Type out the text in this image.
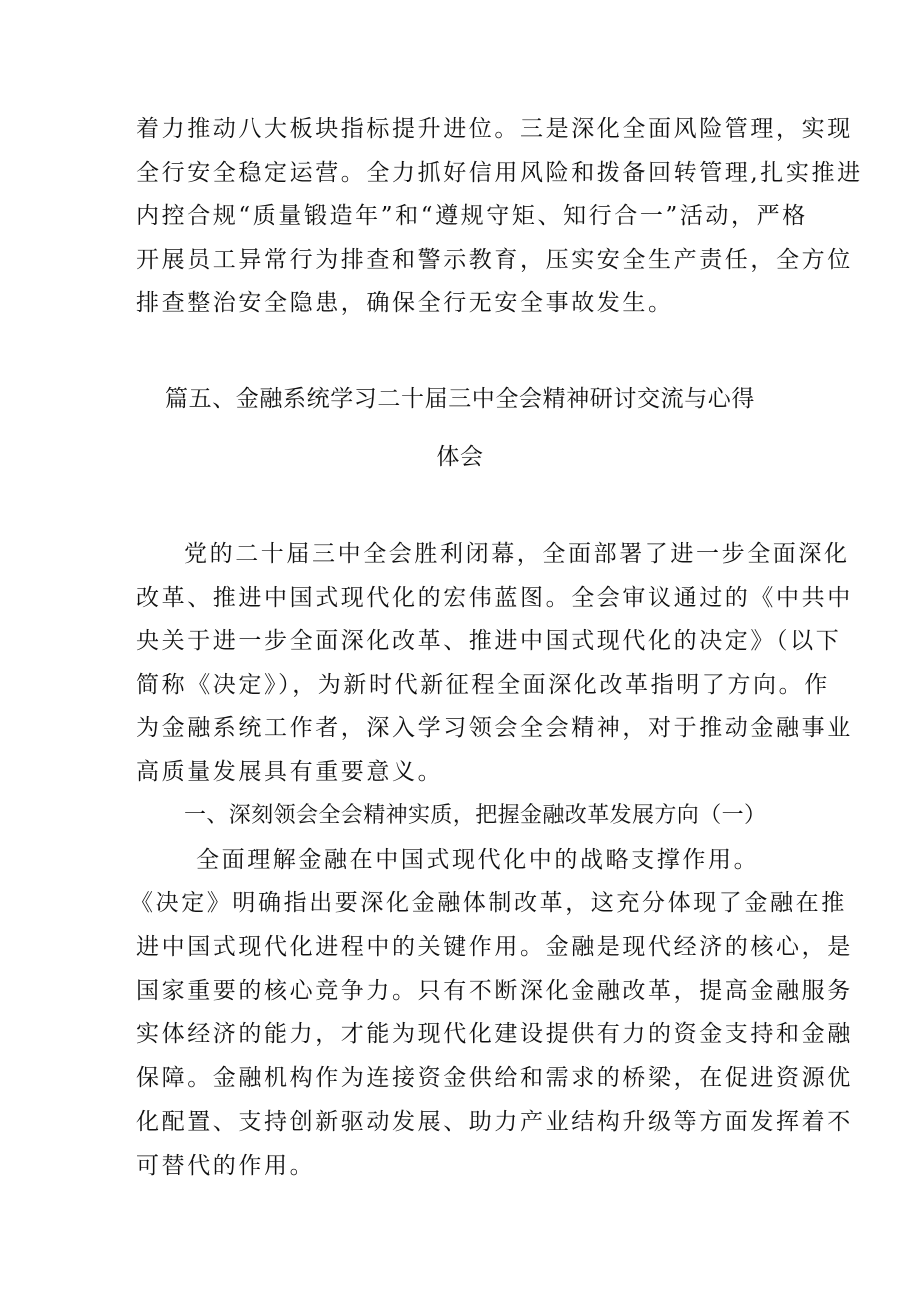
着力推动八大板块指标提升进位。三是深化全面风险管理，实现
全行安全稳定运营。全力抓好信用风险和拨备回转管理,扎实推进
内控合规“质量锻造年”和“遵规守矩、知行合一”活动，严格
开展员工异常行为排查和警示教育，压实安全生产责任，全方位
排查整治安全隐患，确保全行无安全事故发生。
篇五、金融系统学习二十届三中全会精神研讨交流与心得
体会
党的二十届三中全会胜利闭幕，全面部署了进一步全面深化
改革、推进中国式现代化的宏伟蓝图。全会审议通过的《中共中
央关于进一步全面深化改革、推进中国式现代化的决定》（以下
简称《决定》），为新时代新征程全面深化改革指明了方向。作
为金融系统工作者，深入学习领会全会精神，对于推动金融事业
高质量发展具有重要意义。
一、深刻领会全会精神实质，把握金融改革发展方向（一）
全面理解金融在中国式现代化中的战略支撑作用。
《决定》明确指出要深化金融体制改革，这充分体现了金融在推
进中国式现代化进程中的关键作用。金融是现代经济的核心，是
国家重要的核心竞争力。只有不断深化金融改革，提高金融服务
实体经济的能力，才能为现代化建设提供有力的资金支持和金融
保障。金融机构作为连接资金供给和需求的桥梁，在促进资源优
化配置、支持创新驱动发展、助力产业结构升级等方面发挥着不
可替代的作用。
